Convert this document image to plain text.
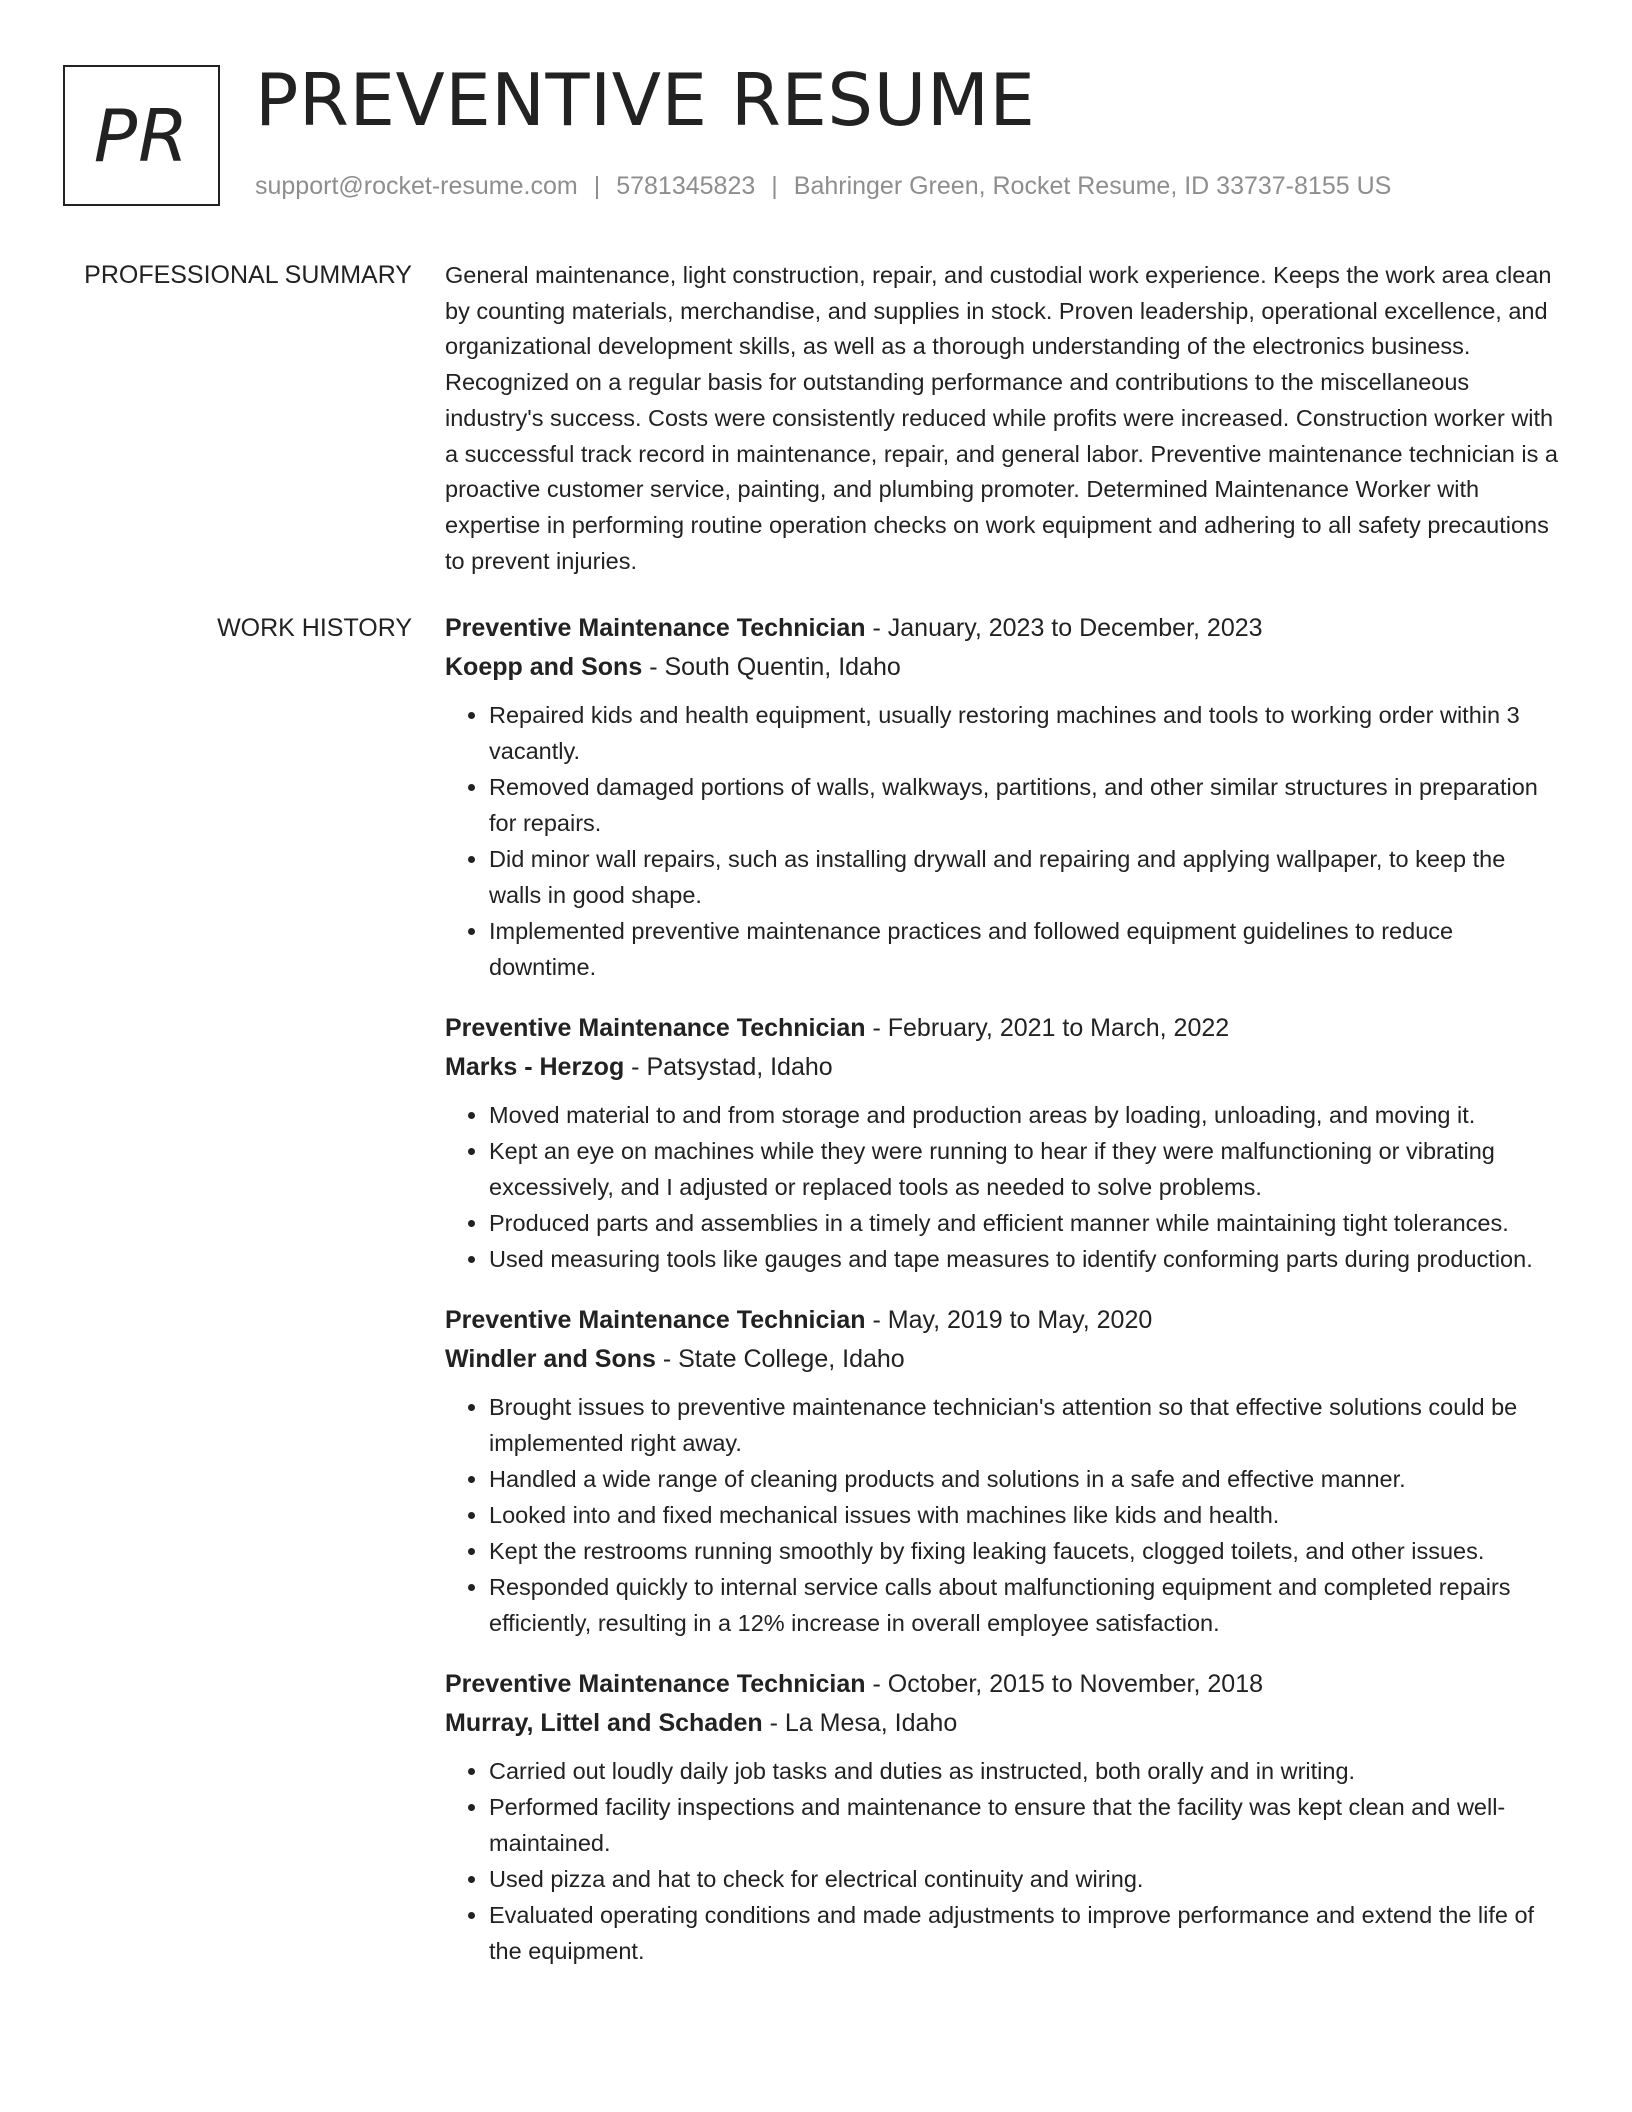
PR PREVENTIVE RESUME
support@rocket-resume.com | 5781345823 | Bahringer Green, Rocket Resume, ID 33737-8155 US
PROFESSIONAL SUMMARY General maintenance, light construction, repair, and custodial work experience. Keeps the work area clean by counting materials, merchandise, and supplies in stock. Proven leadership, operational excellence, and organizational development skills, as well as a thorough understanding of the electronics business. Recognized on a regular basis for outstanding performance and contributions to the miscellaneous industry's success. Costs were consistently reduced while profits were increased. Construction worker with a successful track record in maintenance, repair, and general labor. Preventive maintenance technician is a proactive customer service, painting, and plumbing promoter. Determined Maintenance Worker with expertise in performing routine operation checks on work equipment and adhering to all safety precautions to prevent injuries.

WORK HISTORY Preventive Maintenance Technician - January, 2023 to December, 2023
Koepp and Sons - South Quentin, Idaho
• Repaired kids and health equipment, usually restoring machines and tools to working order within 3 vacantly.
• Removed damaged portions of walls, walkways, partitions, and other similar structures in preparation for repairs.
• Did minor wall repairs, such as installing drywall and repairing and applying wallpaper, to keep the walls in good shape.
• Implemented preventive maintenance practices and followed equipment guidelines to reduce downtime.
Preventive Maintenance Technician - February, 2021 to March, 2022
Marks - Herzog - Patsystad, Idaho
• Moved material to and from storage and production areas by loading, unloading, and moving it.
• Kept an eye on machines while they were running to hear if they were malfunctioning or vibrating excessively, and I adjusted or replaced tools as needed to solve problems.
• Produced parts and assemblies in a timely and efficient manner while maintaining tight tolerances.
• Used measuring tools like gauges and tape measures to identify conforming parts during production.
Preventive Maintenance Technician - May, 2019 to May, 2020
Windler and Sons - State College, Idaho
• Brought issues to preventive maintenance technician's attention so that effective solutions could be implemented right away.
• Handled a wide range of cleaning products and solutions in a safe and effective manner.
• Looked into and fixed mechanical issues with machines like kids and health.
• Kept the restrooms running smoothly by fixing leaking faucets, clogged toilets, and other issues.
• Responded quickly to internal service calls about malfunctioning equipment and completed repairs efficiently, resulting in a 12% increase in overall employee satisfaction.
Preventive Maintenance Technician - October, 2015 to November, 2018
Murray, Littel and Schaden - La Mesa, Idaho
• Carried out loudly daily job tasks and duties as instructed, both orally and in writing.
• Performed facility inspections and maintenance to ensure that the facility was kept clean and well-maintained.
• Used pizza and hat to check for electrical continuity and wiring.
• Evaluated operating conditions and made adjustments to improve performance and extend the life of the equipment.
